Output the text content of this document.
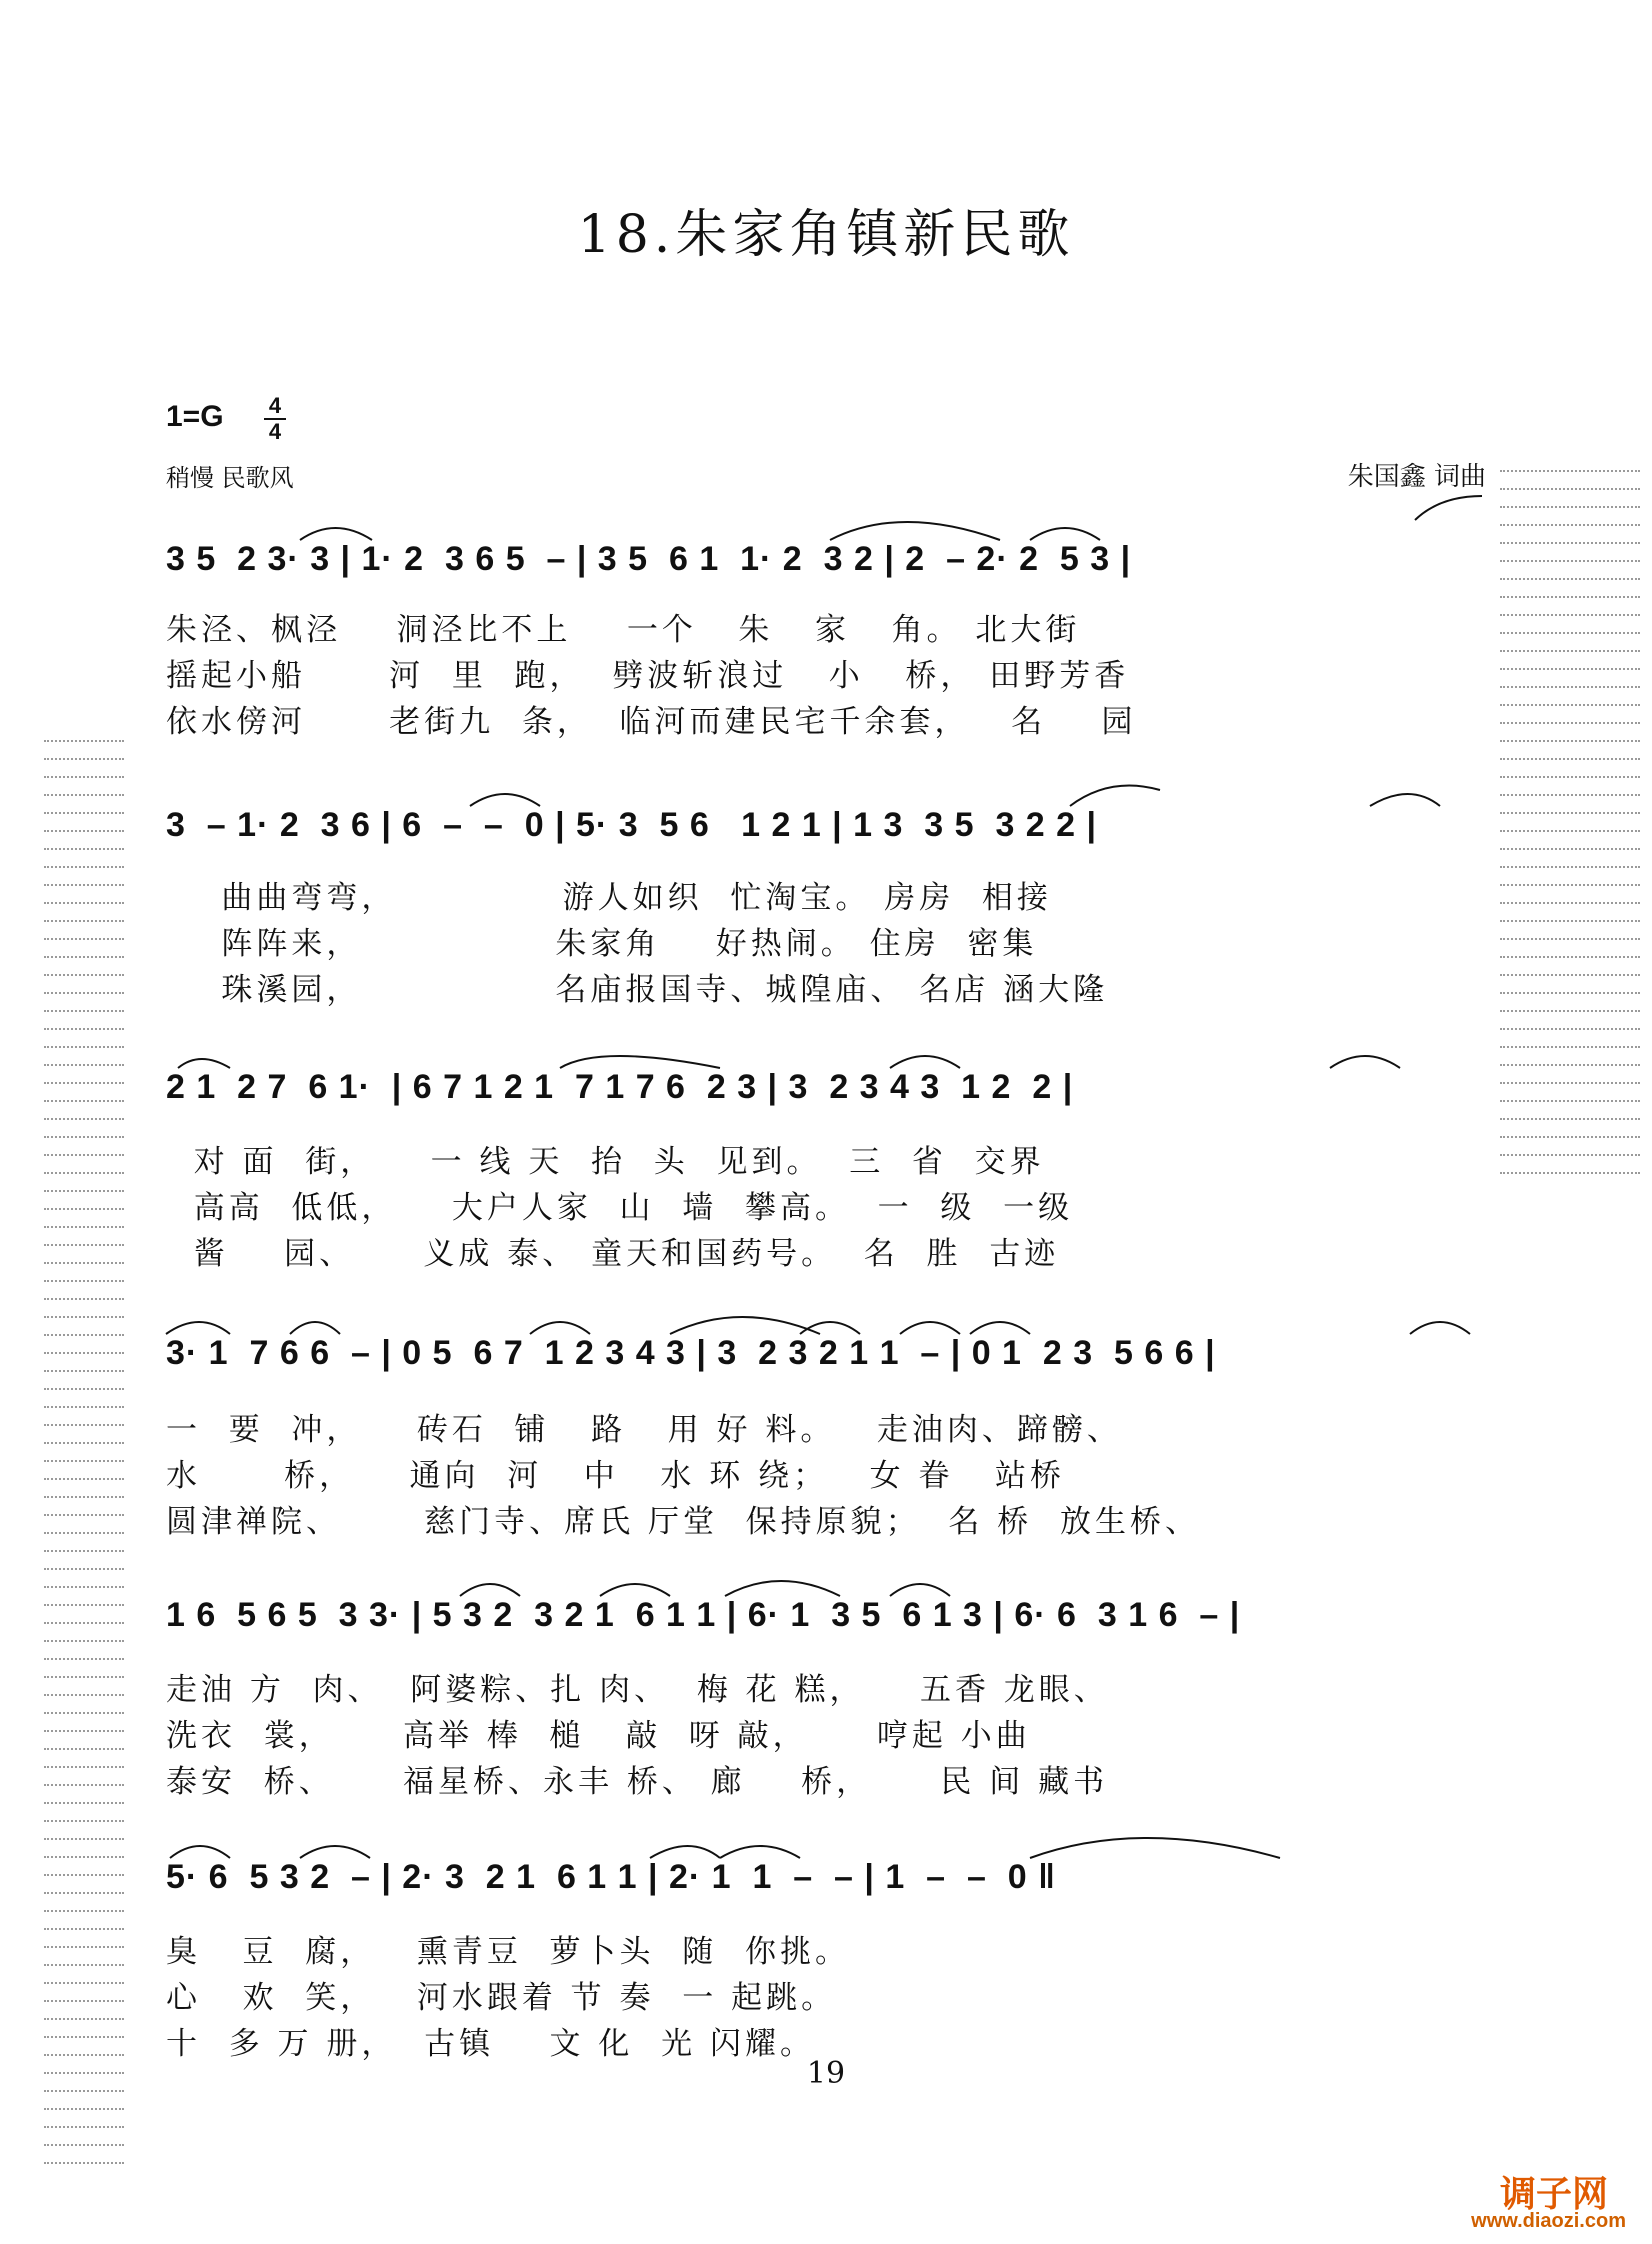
18.朱家角镇新民歌
1=G 4
4
稍慢 民歌风	朱国鑫 词曲
3 5  2 3· 3 | 1· 2  3 6 5  – | 3 5  6 1  1· 2  3 2 | 2  – 2· 2  5 3 |
朱泾、枫泾    洞泾比不上    一个   朱   家   角。 北大街
摇起小船      河  里  跑，  劈波斩浪过   小   桥， 田野芳香
依水傍河      老街九  条，  临河而建民宅千余套，   名    园
3  – 1· 2  3 6 | 6  –  –  0 | 5· 3  5 6   1 2 1 | 1 3  3 5  3 2 2 |
曲曲弯弯，            游人如织  忙淘宝。 房房  相接
阵阵来，              朱家角    好热闹。 住房  密集
珠溪园，              名庙报国寺、城隍庙、 名店 涵大隆
2 1  2 7  6 1·  | 6 7 1 2 1  7 1 7 6  2 3 | 3  2 3 4 3  1 2  2 |
对 面  街，    一 线 天  抬  头  见到。  三  省  交界
高高  低低，    大户人家  山  墙  攀高。  一  级  一级
酱    园、     义成 泰、 童天和国药号。  名  胜  古迹
3· 1  7 6 6  – | 0 5  6 7  1 2 3 4 3 | 3  2 3 2 1 1  – | 0 1  2 3  5 6 6 |
一  要  冲，    砖石  铺   路   用 好 料。   走油肉、蹄髈、
水      桥，    通向  河   中   水 环 绕；   女 眷   站桥
圆津禅院、      慈门寺、席氏 厅堂  保持原貌；  名 桥  放生桥、
1 6  5 6 5  3 3· | 5 3 2  3 2 1  6 1 1 | 6· 1  3 5  6 1 3 | 6· 6  3 1 6  – |
走油 方  肉、  阿婆粽、扎 肉、  梅 花 糕，    五香 龙眼、
洗衣  裳，     高举 棒  槌   敲  呀 敲，     哼起 小曲
泰安  桥、     福星桥、永丰 桥、 廊    桥，     民 间 藏书
5· 6  5 3 2  – | 2· 3  2 1  6 1 1 | 2· 1  1  –  – | 1  –  –  0 ‖
臭   豆  腐，   熏青豆  萝卜头  随  你挑。
心   欢  笑，   河水跟着 节 奏  一 起跳。
十  多 万 册，  古镇    文 化  光 闪耀。
19
调子网
www.diaozi.com
